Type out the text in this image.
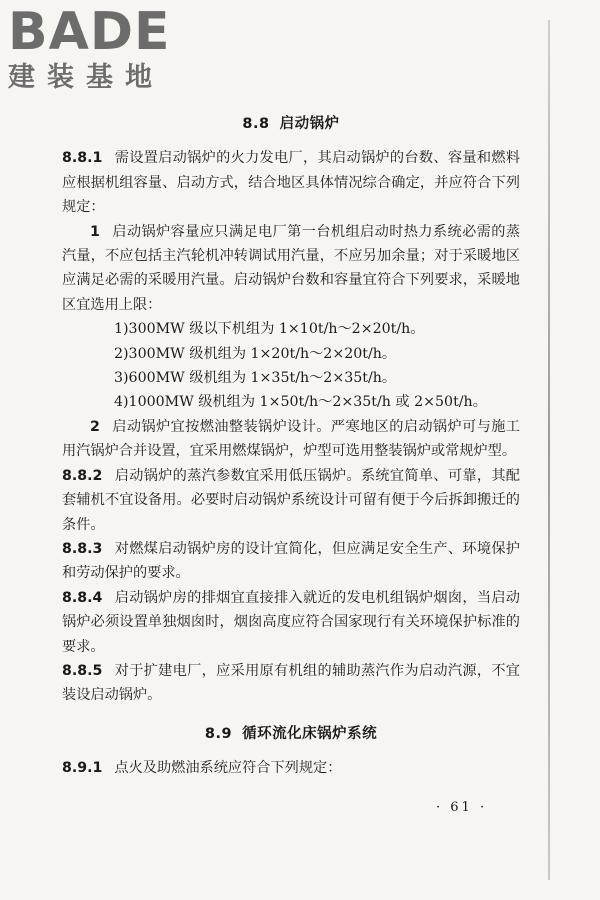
BADE
建装基地
8.8 启动锅炉

8.8.1 需设置启动锅炉的火力发电厂，其启动锅炉的台数、容量和燃料应根据机组容量、启动方式，结合地区具体情况综合确定，并应符合下列规定：

1 启动锅炉容量应只满足电厂第一台机组启动时热力系统必需的蒸汽量，不应包括主汽轮机冲转调试用汽量，不应另加余量；对于采暖地区应满足必需的采暖用汽量。启动锅炉台数和容量宜符合下列要求，采暖地区宜选用上限：

1)300MW 级以下机组为 1×10t/h～2×20t/h。

2)300MW 级机组为 1×20t/h～2×20t/h。

3)600MW 级机组为 1×35t/h～2×35t/h。

4)1000MW 级机组为 1×50t/h～2×35t/h 或 2×50t/h。

2 启动锅炉宜按燃油整装锅炉设计。严寒地区的启动锅炉可与施工用汽锅炉合并设置，宜采用燃煤锅炉，炉型可选用整装锅炉或常规炉型。

8.8.2 启动锅炉的蒸汽参数宜采用低压锅炉。系统宜简单、可靠，其配套辅机不宜设备用。必要时启动锅炉系统设计可留有便于今后拆卸搬迁的条件。

8.8.3 对燃煤启动锅炉房的设计宜简化，但应满足安全生产、环境保护和劳动保护的要求。

8.8.4 启动锅炉房的排烟宜直接排入就近的发电机组锅炉烟囱，当启动锅炉必须设置单独烟囱时，烟囱高度应符合国家现行有关环境保护标准的要求。

8.8.5 对于扩建电厂，应采用原有机组的辅助蒸汽作为启动汽源，不宜装设启动锅炉。

8.9 循环流化床锅炉系统

8.9.1 点火及助燃油系统应符合下列规定：

· 61 ·
